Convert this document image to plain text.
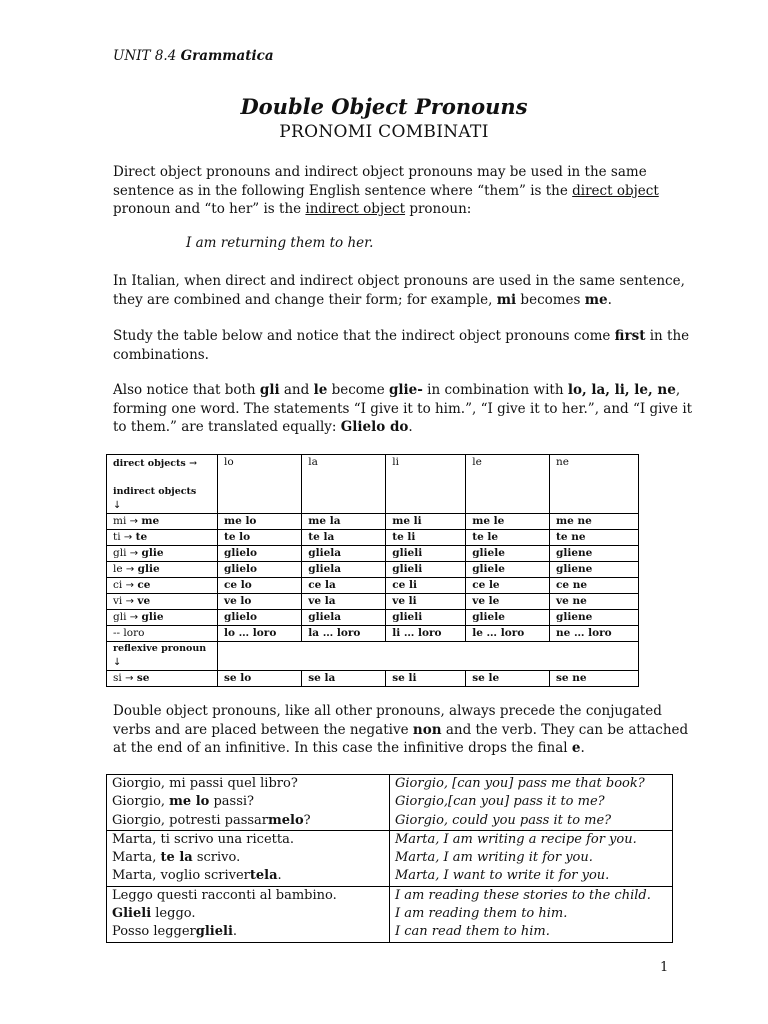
UNIT 8.4 Grammatica
Double Object Pronouns
PRONOMI COMBINATI
Direct object pronouns and indirect object pronouns may be used in the same sentence as in the following English sentence where “them” is the direct object pronoun and “to her” is the indirect object pronoun:
I am returning them to her.
In Italian, when direct and indirect object pronouns are used in the same sentence, they are combined and change their form; for example, mi becomes me.
Study the table below and notice that the indirect object pronouns come first in the combinations.
Also notice that both gli and le become glie- in combination with lo, la, li, le, ne, forming one word. The statements “I give it to him.”, “I give it to her.”, and “I give it to them.” are translated equally: Glielo do.
direct objects →
indirect objects
↓	lo	la	li	le	ne
mi → me	me lo	me la	me li	me le	me ne
ti → te	te lo	te la	te li	te le	te ne
gli → glie	glielo	gliela	glieli	gliele	gliene
le → glie	glielo	gliela	glieli	gliele	gliene
ci → ce	ce lo	ce la	ce li	ce le	ce ne
vi → ve	ve lo	ve la	ve li	ve le	ve ne
gli → glie	glielo	gliela	glieli	gliele	gliene
-- loro	lo … loro	la … loro	li … loro	le … loro	ne … loro

reflexive pronoun
↓					

si → se	se lo	se la	se li	se le	se ne
Double object pronouns, like all other pronouns, always precede the conjugated verbs and are placed between the negative non and the verb. They can be attached at the end of an infinitive. In this case the infinitive drops the final e.
Giorgio, mi passi quel libro?	Giorgio, [can you] pass me that book?
Giorgio, me lo passi?	Giorgio,[can you] pass it to me?
Giorgio, potresti passarmelo?	Giorgio, could you pass it to me?
Marta, ti scrivo una ricetta.	Marta, I am writing a recipe for you.
Marta, te la scrivo.	Marta, I am writing it for you.
Marta, voglio scrivertela.	Marta, I want to write it for you.
Leggo questi racconti al bambino.	I am reading these stories to the child.
Glieli leggo.	I am reading them to him.
Posso leggerglieli.	I can read them to him.
1
